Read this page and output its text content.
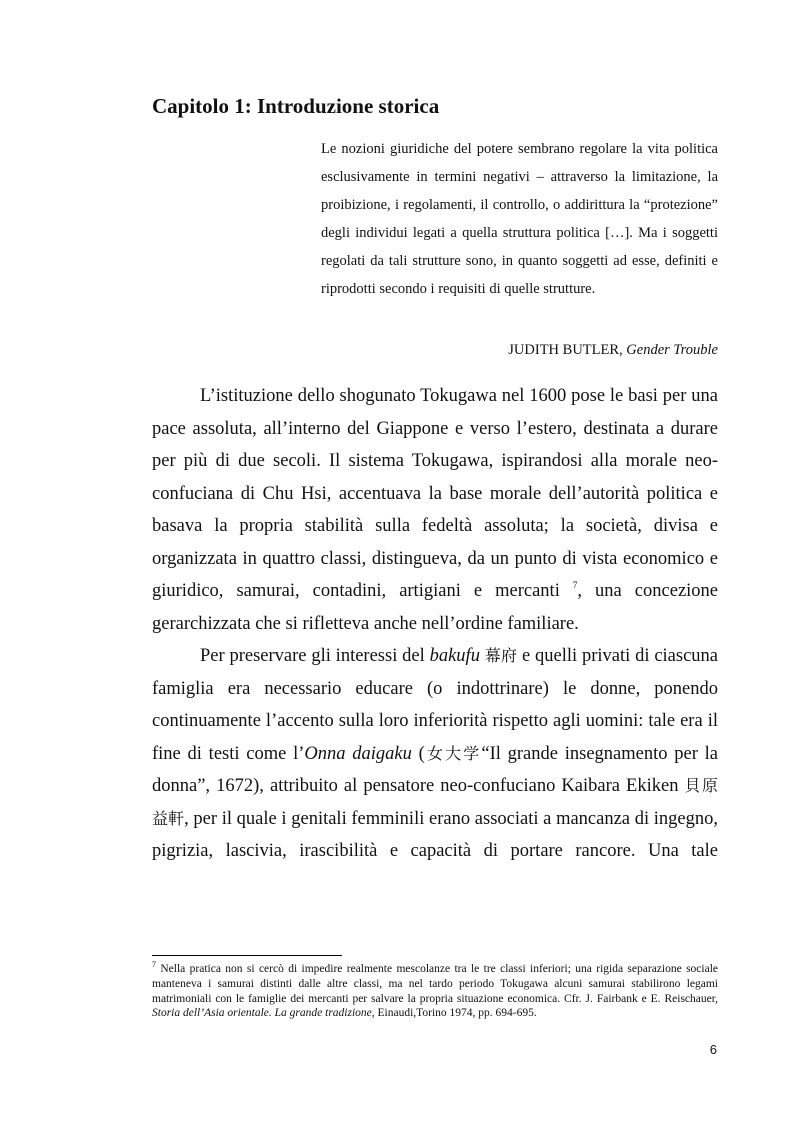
Capitolo 1: Introduzione storica

Le nozioni giuridiche del potere sembrano regolare la vita politica esclusivamente in termini negativi – attraverso la limitazione, la proibizione, i regolamenti, il controllo, o addirittura la “protezione” degli individui legati a quella struttura politica […]. Ma i soggetti regolati da tali strutture sono, in quanto soggetti ad esse, definiti e riprodotti secondo i requisiti di quelle strutture.

JUDITH BUTLER, Gender Trouble

L’istituzione dello shogunato Tokugawa nel 1600 pose le basi per una pace assoluta, all’interno del Giappone e verso l’estero, destinata a durare per più di due secoli. Il sistema Tokugawa, ispirandosi alla morale neo-confuciana di Chu Hsi, accentuava la base morale dell’autorità politica e basava la propria stabilità sulla fedeltà assoluta; la società, divisa e organizzata in quattro classi, distingueva, da un punto di vista economico e giuridico, samurai, contadini, artigiani e mercanti $^7$, una concezione gerarchizzata che si rifletteva anche nell’ordine familiare.

Per preservare gli interessi del bakufu 幕府 e quelli privati di ciascuna famiglia era necessario educare (o indottrinare) le donne, ponendo continuamente l’accento sulla loro inferiorità rispetto agli uomini: tale era il fine di testi come l’Onna daigaku (女大学“Il grande insegnamento per la donna”, 1672), attribuito al pensatore neo-confuciano Kaibara Ekiken 貝原益軒, per il quale i genitali femminili erano associati a mancanza di ingegno, pigrizia, lascivia, irascibilità e capacità di portare rancore. Una tale

$^7$ Nella pratica non si cercò di impedire realmente mescolanze tra le tre classi inferiori; una rigida separazione sociale manteneva i samurai distinti dalle altre classi, ma nel tardo periodo Tokugawa alcuni samurai stabilirono legami matrimoniali con le famiglie dei mercanti per salvare la propria situazione economica. Cfr. J. Fairbank e E. Reischauer, Storia dell’Asia orientale. La grande tradizione, Einaudi,Torino 1974, pp. 694-695.

6
